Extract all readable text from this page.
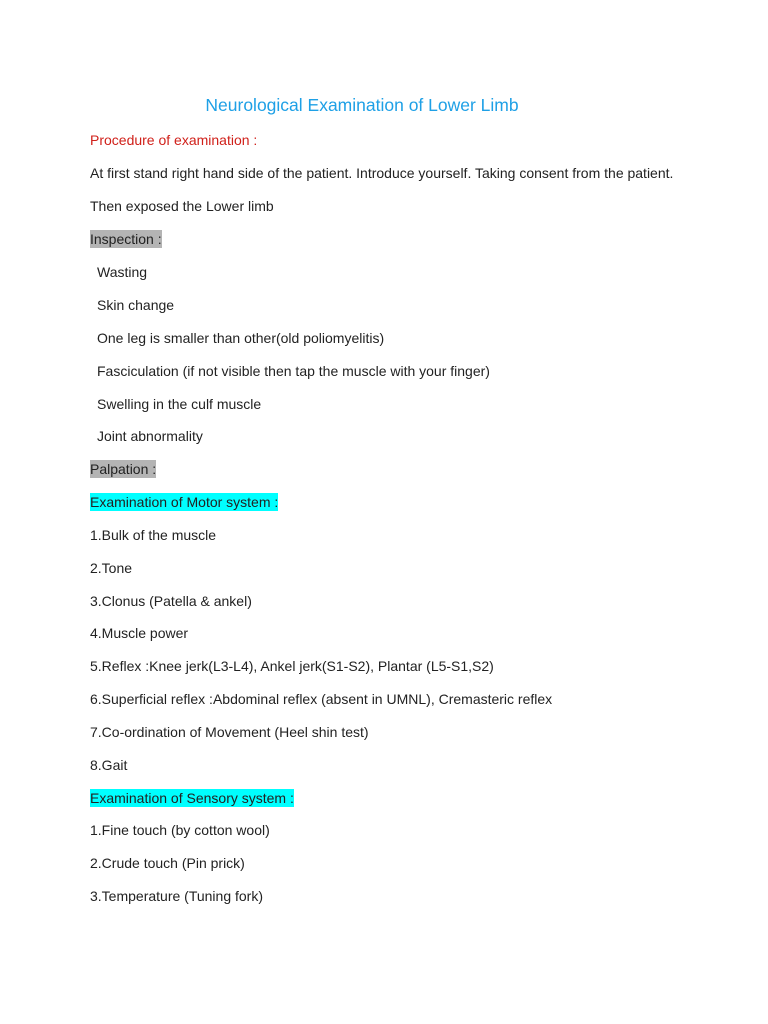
Neurological Examination of Lower Limb
Procedure of examination :
At first stand right hand side of the patient. Introduce yourself. Taking consent from the patient.
Then exposed the Lower limb
Inspection :
Wasting
Skin change
One leg is smaller than other(old poliomyelitis)
Fasciculation (if not visible then tap the muscle with your finger)
Swelling in the culf muscle
Joint abnormality
Palpation :
Examination of Motor system :
1.Bulk of the muscle
2.Tone
3.Clonus (Patella & ankel)
4.Muscle power
5.Reflex :Knee jerk(L3-L4), Ankel jerk(S1-S2), Plantar (L5-S1,S2)
6.Superficial reflex :Abdominal reflex (absent in UMNL), Cremasteric reflex
7.Co-ordination of Movement (Heel shin test)
8.Gait
Examination of Sensory system :
1.Fine touch (by cotton wool)
2.Crude touch (Pin prick)
3.Temperature (Tuning fork)
